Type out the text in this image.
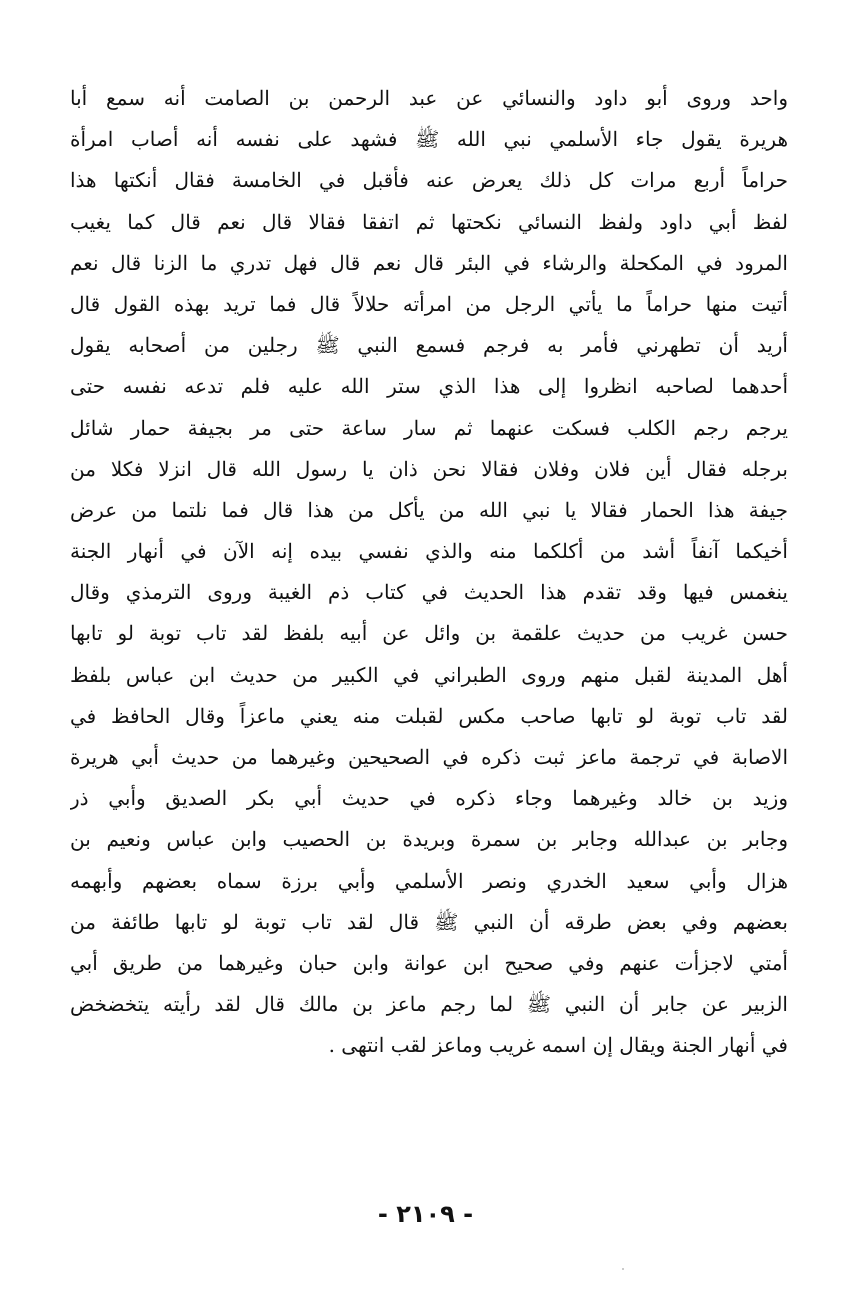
واحد وروى أبو داود والنسائي عن عبد الرحمن بن الصامت أنه سمع أبا
هريرة يقول جاء الأسلمي نبي الله ﷺ فشهد على نفسه أنه أصاب امرأة
حراماً أربع مرات كل ذلك يعرض عنه فأقبل في الخامسة فقال أنكتها هذا
لفظ أبي داود ولفظ النسائي نكحتها ثم اتفقا فقالا قال نعم قال كما يغيب
المرود في المكحلة والرشاء في البئر قال نعم قال فهل تدري ما الزنا قال نعم
أتيت منها حراماً ما يأتي الرجل من امرأته حلالاً قال فما تريد بهذه القول قال
أريد أن تطهرني فأمر به فرجم فسمع النبي ﷺ رجلين من أصحابه يقول
أحدهما لصاحبه انظروا إلى هذا الذي ستر الله عليه فلم تدعه نفسه حتى
يرجم رجم الكلب فسكت عنهما ثم سار ساعة حتى مر بجيفة حمار شائل
برجله فقال أين فلان وفلان فقالا نحن ذان يا رسول الله قال انزلا فكلا من
جيفة هذا الحمار فقالا يا نبي الله من يأكل من هذا قال فما نلتما من عرض
أخيكما آنفاً أشد من أكلكما منه والذي نفسي بيده إنه الآن في أنهار الجنة
ينغمس فيها وقد تقدم هذا الحديث في كتاب ذم الغيبة وروى الترمذي وقال
حسن غريب من حديث علقمة بن وائل عن أبيه بلفظ لقد تاب توبة لو تابها
أهل المدينة لقبل منهم وروى الطبراني في الكبير من حديث ابن عباس بلفظ
لقد تاب توبة لو تابها صاحب مكس لقبلت منه يعني ماعزاً وقال الحافظ في
الاصابة في ترجمة ماعز ثبت ذكره في الصحيحين وغيرهما من حديث أبي هريرة
وزيد بن خالد وغيرهما وجاء ذكره في حديث أبي بكر الصديق وأبي ذر
وجابر بن عبدالله وجابر بن سمرة وبريدة بن الحصيب وابن عباس ونعيم بن
هزال وأبي سعيد الخدري ونصر الأسلمي وأبي برزة سماه بعضهم وأبهمه
بعضهم وفي بعض طرقه أن النبي ﷺ قال لقد تاب توبة لو تابها طائفة من
أمتي لاجزأت عنهم وفي صحيح ابن عوانة وابن حبان وغيرهما من طريق أبي
الزبير عن جابر أن النبي ﷺ لما رجم ماعز بن مالك قال لقد رأيته يتخضخض
في أنهار الجنة ويقال إن اسمه غريب وماعز لقب انتهى .
- ٢١٠٩ -
